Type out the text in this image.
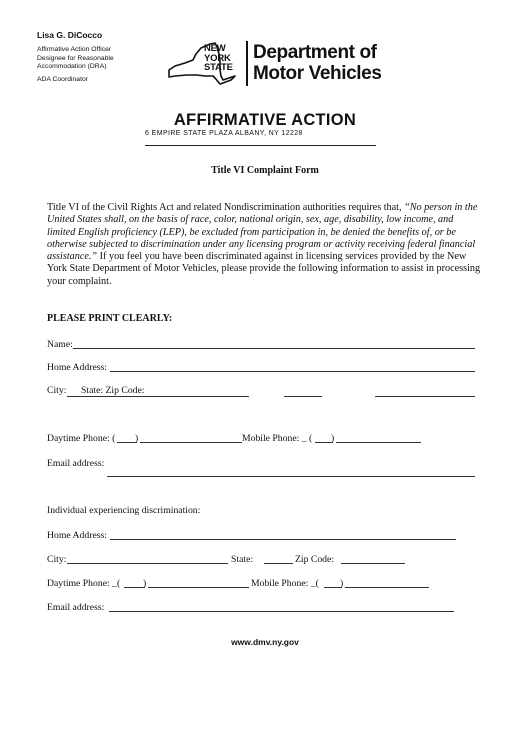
Lisa G. DiCocco
Affirmative Action Officer
Designee for Reasonable
Accommodation (DRA)
ADA Coordinator
NEW
YORK
STATE
Department of
Motor Vehicles
AFFIRMATIVE ACTION
6 EMPIRE STATE PLAZA ALBANY, NY 12228
Title VI Complaint Form
Title VI of the Civil Rights Act and related Nondiscrimination authorities requires that, “No person in the United States shall, on the basis of race, color, national origin, sex, age, disability, low income, and limited English proficiency (LEP), be excluded from participation in, be denied the benefits of, or be otherwise subjected to discrimination under any licensing program or activity receiving federal financial assistance.” If you feel you have been discriminated against in licensing services provided by the New York State Department of Motor Vehicles, please provide the following information to assist in processing your complaint.
PLEASE PRINT CLEARLY:
Name:
Home Address:
City: State: Zip Code:
Daytime Phone: ( )	Mobile Phone: _ ( )
Email address:
Individual experiencing discrimination:
Home Address:
City:	State:	Zip Code:
Daytime Phone: _( )	Mobile Phone: _( )
Email address:
www.dmv.ny.gov
